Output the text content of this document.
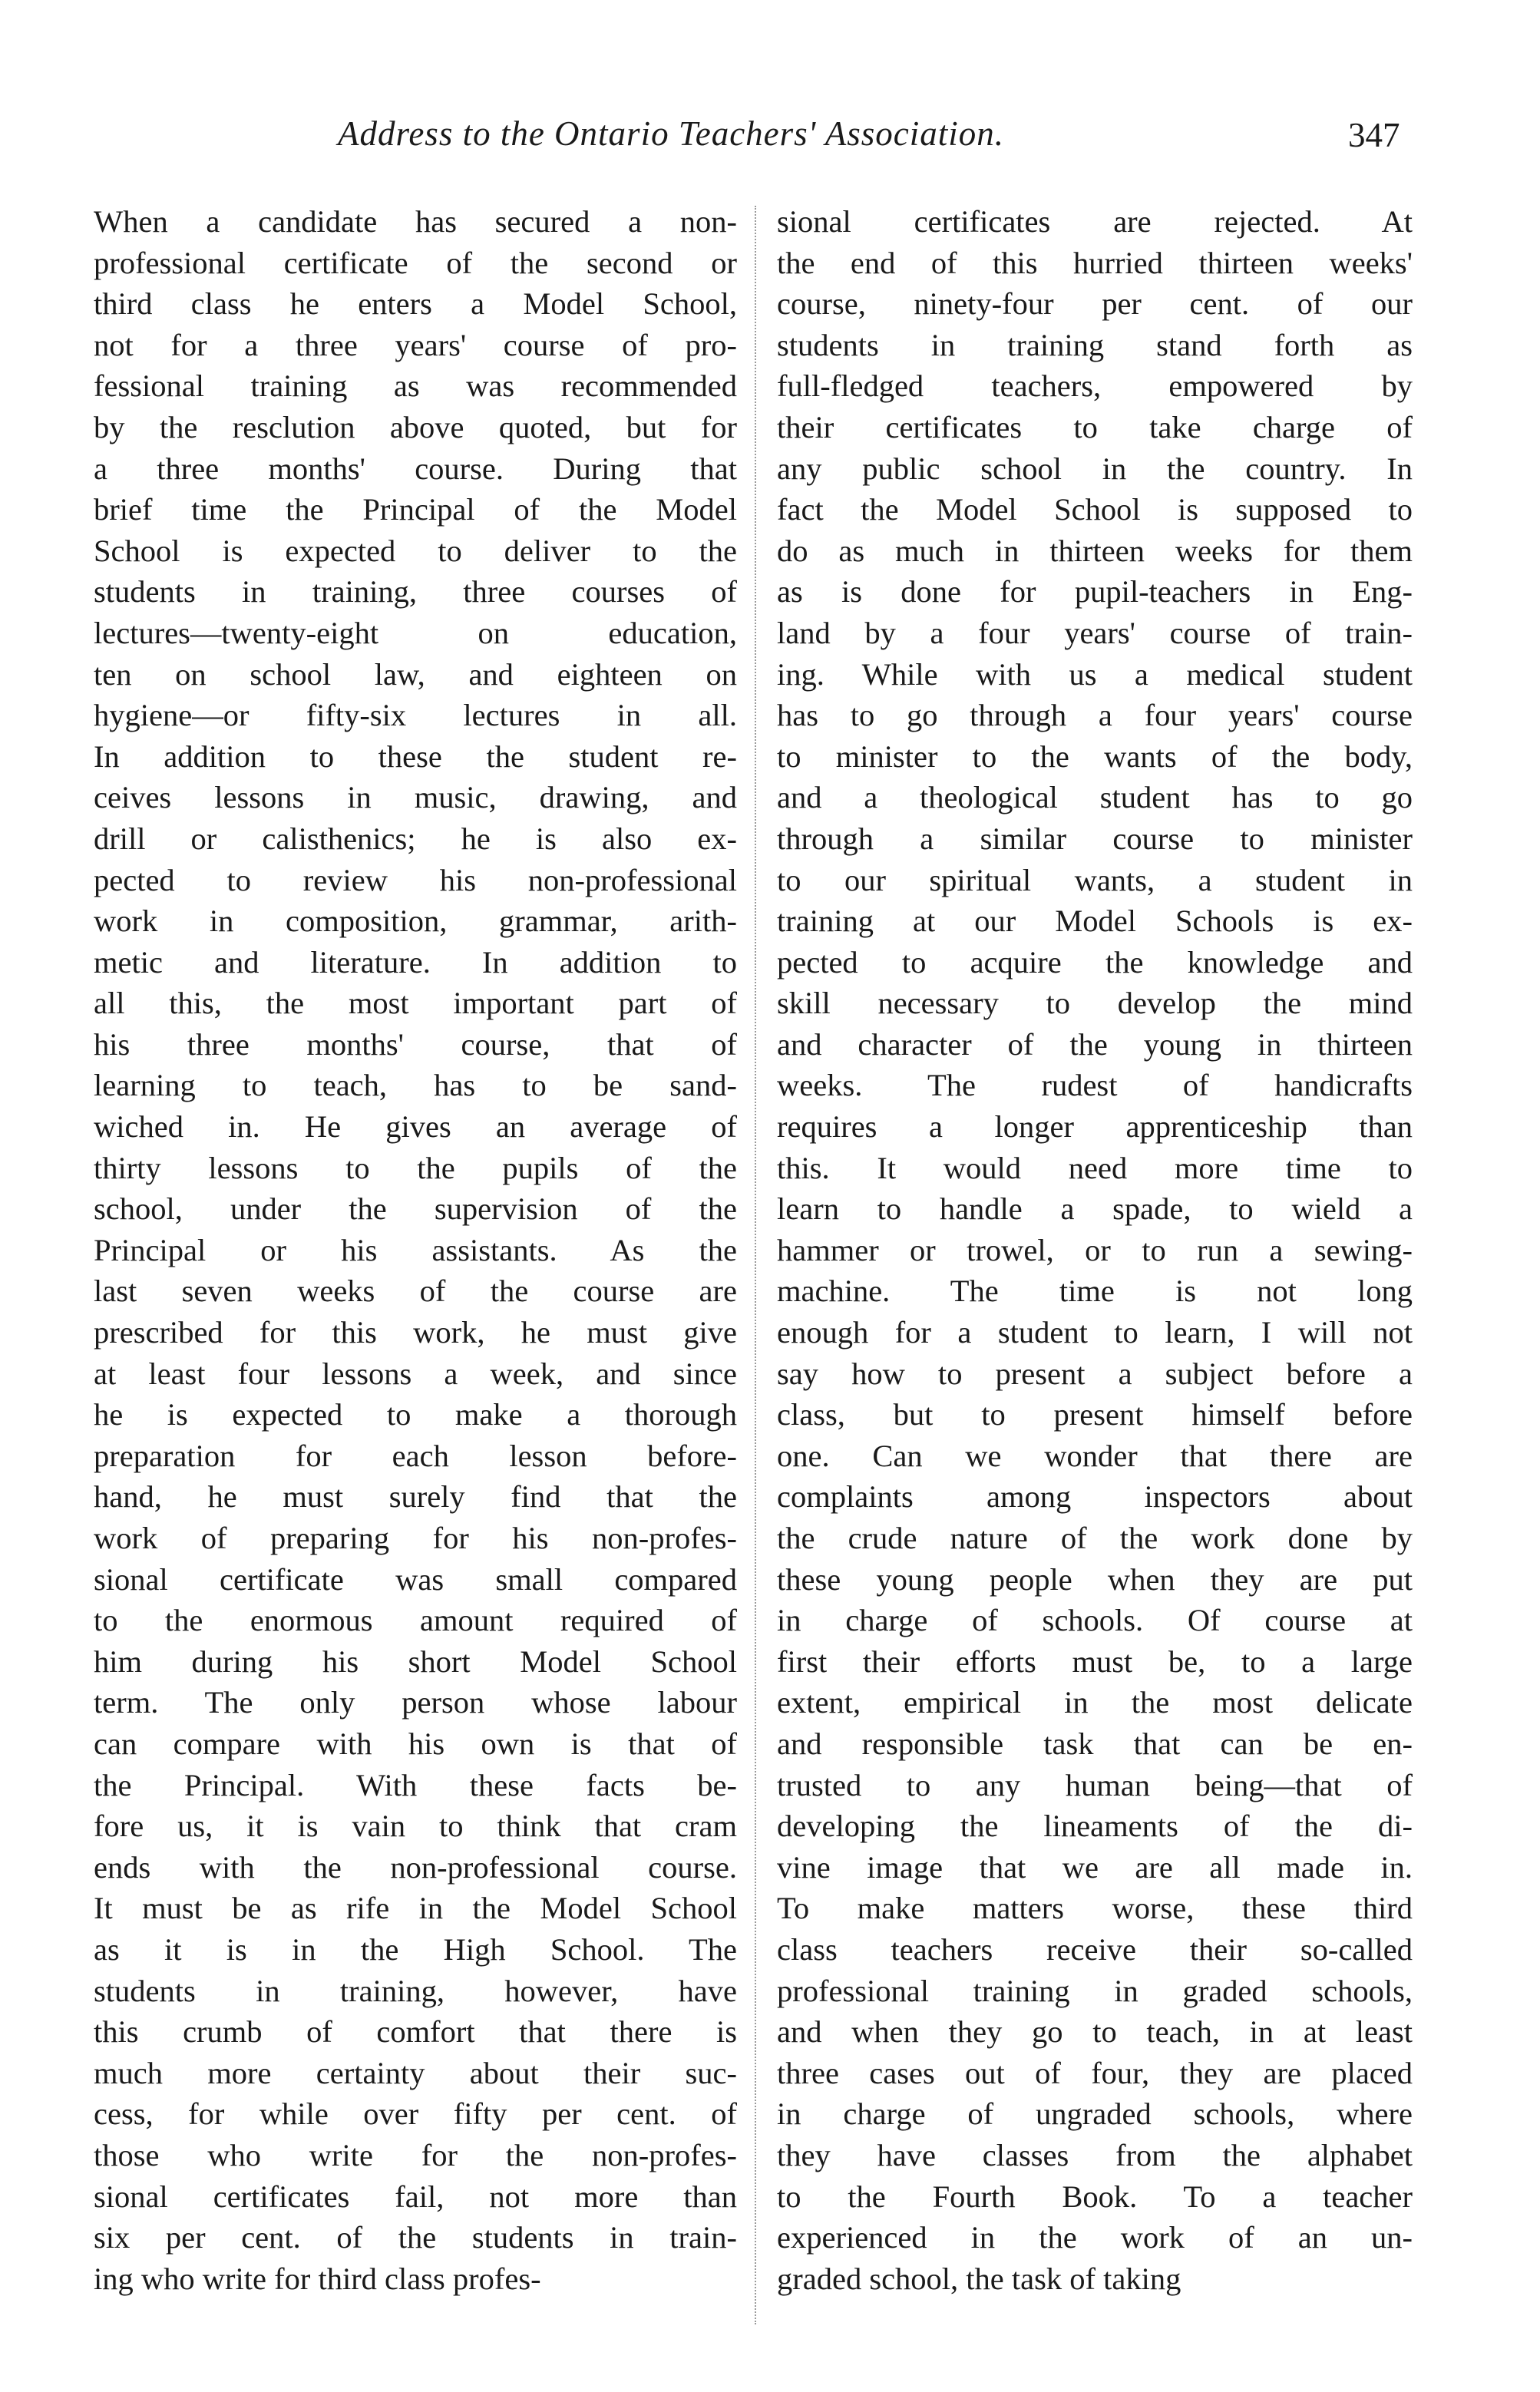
Address to the Ontario Teachers' Association.	347
When a candidate has secured a non-
professional certificate of the second or
third class he enters a Model School,
not for a three years' course of pro-
fessional training as was recommended
by the resclution above quoted, but for
a three months' course. During that
brief time the Principal of the Model
School is expected to deliver to the
students in training, three courses of
lectures—twenty-eight on education,
ten on school law, and eighteen on
hygiene—or fifty-six lectures in all.
In addition to these the student re-
ceives lessons in music, drawing, and
drill or calisthenics; he is also ex-
pected to review his non-professional
work in composition, grammar, arith-
metic and literature. In addition to
all this, the most important part of
his three months' course, that of
learning to teach, has to be sand-
wiched in. He gives an average of
thirty lessons to the pupils of the
school, under the supervision of the
Principal or his assistants. As the
last seven weeks of the course are
prescribed for this work, he must give
at least four lessons a week, and since
he is expected to make a thorough
preparation for each lesson before-
hand, he must surely find that the
work of preparing for his non-profes-
sional certificate was small compared
to the enormous amount required of
him during his short Model School
term. The only person whose labour
can compare with his own is that of
the Principal. With these facts be-
fore us, it is vain to think that cram
ends with the non-professional course.
It must be as rife in the Model School
as it is in the High School. The
students in training, however, have
this crumb of comfort that there is
much more certainty about their suc-
cess, for while over fifty per cent. of
those who write for the non-profes-
sional certificates fail, not more than
six per cent. of the students in train-
ing who write for third class profes-
sional certificates are rejected. At
the end of this hurried thirteen weeks'
course, ninety-four per cent. of our
students in training stand forth as
full-fledged teachers, empowered by
their certificates to take charge of
any public school in the country. In
fact the Model School is supposed to
do as much in thirteen weeks for them
as is done for pupil-teachers in Eng-
land by a four years' course of train-
ing. While with us a medical student
has to go through a four years' course
to minister to the wants of the body,
and a theological student has to go
through a similar course to minister
to our spiritual wants, a student in
training at our Model Schools is ex-
pected to acquire the knowledge and
skill necessary to develop the mind
and character of the young in thirteen
weeks. The rudest of handicrafts
requires a longer apprenticeship than
this. It would need more time to
learn to handle a spade, to wield a
hammer or trowel, or to run a sewing-
machine. The time is not long
enough for a student to learn, I will not
say how to present a subject before a
class, but to present himself before
one. Can we wonder that there are
complaints among inspectors about
the crude nature of the work done by
these young people when they are put
in charge of schools. Of course at
first their efforts must be, to a large
extent, empirical in the most delicate
and responsible task that can be en-
trusted to any human being—that of
developing the lineaments of the di-
vine image that we are all made in.
To make matters worse, these third
class teachers receive their so-called
professional training in graded schools,
and when they go to teach, in at least
three cases out of four, they are placed
in charge of ungraded schools, where
they have classes from the alphabet
to the Fourth Book. To a teacher
experienced in the work of an un-
graded school, the task of taking
